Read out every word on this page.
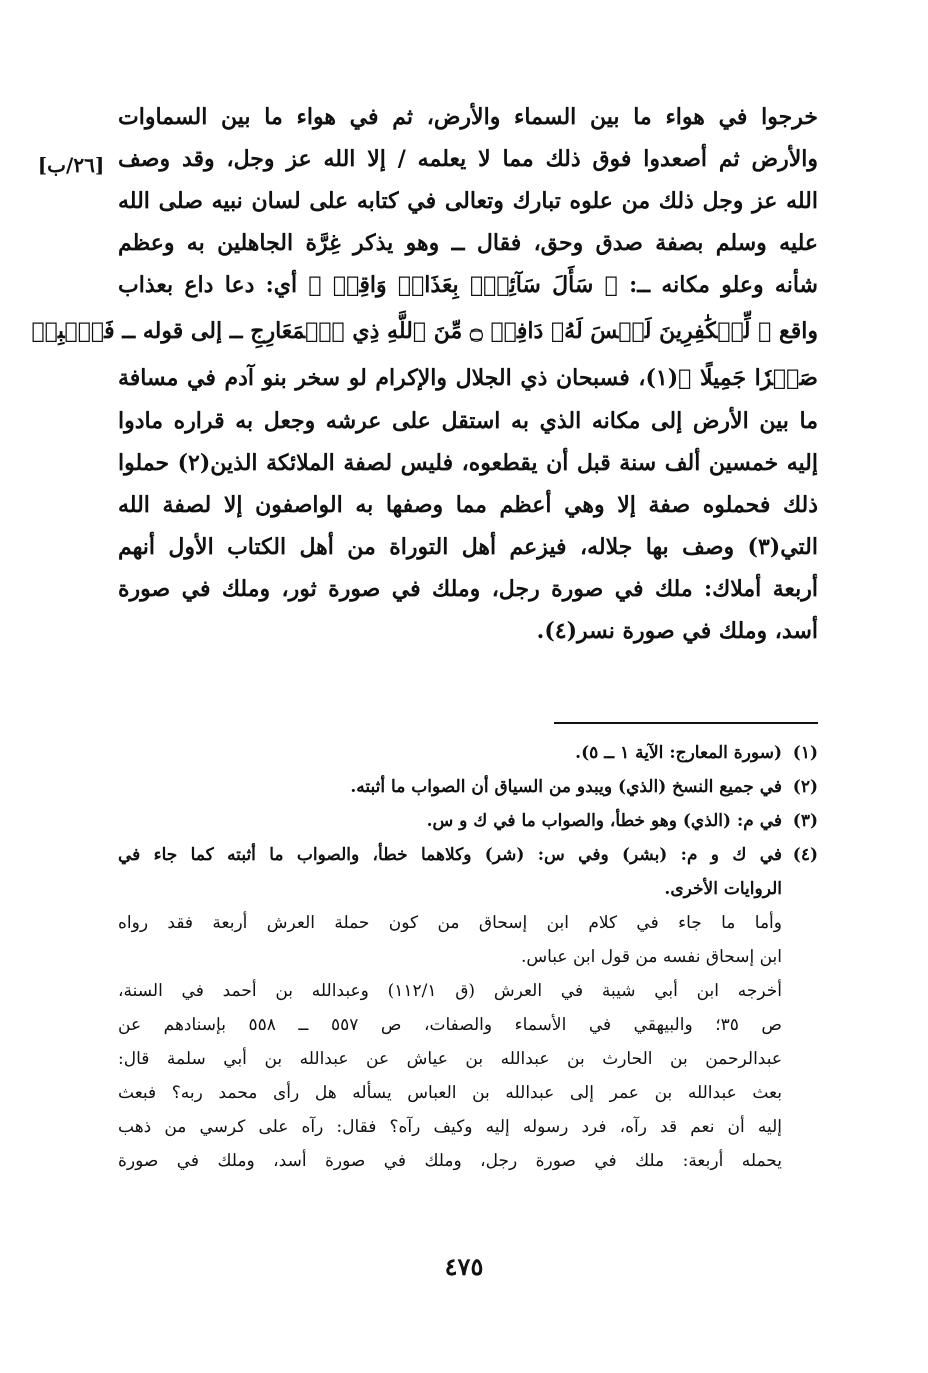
[٢٦/ب]
خرجوا في هواء ما بين السماء والأرض، ثم في هواء ما بين السماوات
والأرض ثم أصعدوا فوق ذلك مما لا يعلمه / إلا الله عز وجل، وقد وصف
الله عز وجل ذلك من علوه تبارك وتعالى في كتابه على لسان نبيه صلى الله
عليه وسلم بصفة صدق وحق، فقال ــ وهو يذكر غِرَّة الجاهلين به وعظم
شأنه وعلو مكانه ــ: ﴿ سَأَلَ سَآئِلُۢ بِعَذَابٖ وَاقِعٖ ﴾ أي: دعا داع بعذاب
واقع ﴿ لِّلۡكَٰفِرِينَ لَيۡسَ لَهُۥ دَافِعٞ ۝ مِّنَ ٱللَّهِ ذِي ٱلۡمَعَارِجِ ــ إلى قوله ــ فَٱصۡبِرۡ
صَبۡرٗا جَمِيلًا ﴾(١)، فسبحان ذي الجلال والإكرام لو سخر بنو آدم في مسافة
ما بين الأرض إلى مكانه الذي به استقل على عرشه وجعل به قراره مادوا
إليه خمسين ألف سنة قبل أن يقطعوه، فليس لصفة الملائكة الذين(٢) حملوا
ذلك فحملوه صفة إلا وهي أعظم مما وصفها به الواصفون إلا لصفة الله
التي(٣) وصف بها جلاله، فيزعم أهل التوراة من أهل الكتاب الأول أنهم
أربعة أملاك: ملك في صورة رجل، وملك في صورة ثور، وملك في صورة
أسد، وملك في صورة نسر(٤).
(١)
(سورة المعارج: الآية ١ ــ ٥).
(٢)
في جميع النسخ (الذي) ويبدو من السياق أن الصواب ما أثبته.
(٣)
في م: (الذي) وهو خطأ، والصواب ما في ك و س.
(٤)
في ك و م: (بشر) وفي س: (شر) وكلاهما خطأ، والصواب ما أثبته كما جاء في
الروايات الأخرى.
وأما ما جاء في كلام ابن إسحاق من كون حملة العرش أربعة فقد رواه
ابن إسحاق نفسه من قول ابن عباس.
أخرجه ابن أبي شيبة في العرش (ق ١١٢/١) وعبدالله بن أحمد في السنة،
ص ٣٥؛ والبيهقي في الأسماء والصفات، ص ٥٥٧ ــ ٥٥٨ بإسنادهم عن
عبدالرحمن بن الحارث بن عبدالله بن عياش عن عبدالله بن أبي سلمة قال:
بعث عبدالله بن عمر إلى عبدالله بن العباس يسأله هل رأى محمد ربه؟ فبعث
إليه أن نعم قد رآه، فرد رسوله إليه وكيف رآه؟ فقال: رآه على كرسي من ذهب
يحمله أربعة: ملك في صورة رجل، وملك في صورة أسد، وملك في صورة
٤٧٥
